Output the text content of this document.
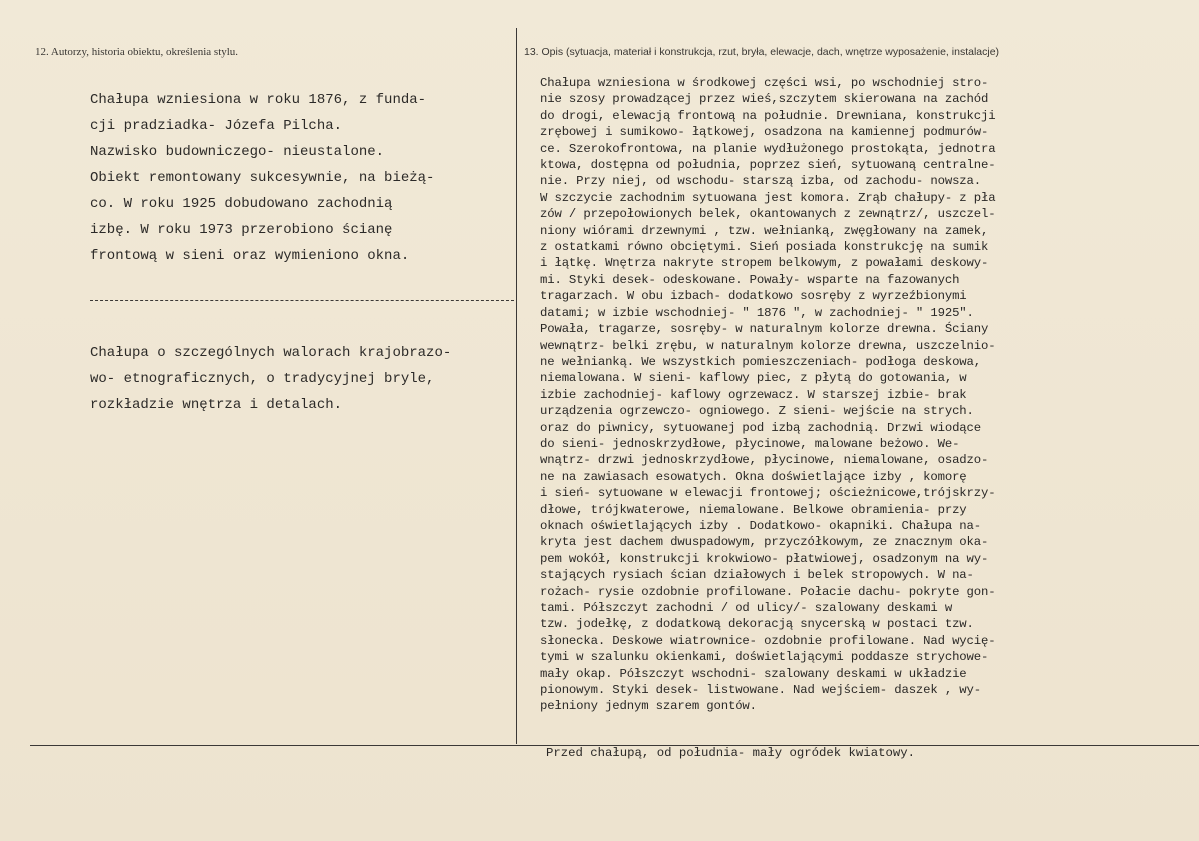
12. Autorzy, historia obiektu, określenia stylu.	13. Opis (sytuacja, materiał i konstrukcja, rzut, bryła, elewacje, dach, wnętrze wyposażenie, instalacje)
Chałupa wzniesiona w roku 1876, z funda-
cji pradziadka- Józefa Pilcha.
Nazwisko budowniczego- nieustalone.
Obiekt remontowany sukcesywnie, na bieżą-
co. W roku 1925 dobudowano zachodnią
izbę. W roku 1973 przerobiono ścianę
frontową w sieni oraz wymieniono okna.
Chałupa o szczególnych walorach krajobrazo-
wo- etnograficznych, o tradycyjnej bryle,
rozkładzie wnętrza i detalach.
Chałupa wzniesiona w środkowej części wsi, po wschodniej stro-
nie szosy prowadzącej przez wieś,szczytem skierowana na zachód
do drogi, elewacją frontową na południe. Drewniana, konstrukcji
zrębowej i sumikowo- łątkowej, osadzona na kamiennej podmurów-
ce. Szerokofrontowa, na planie wydłużonego prostokąta, jednotra
ktowa, dostępna od południa, poprzez sień, sytuowaną centralne-
nie. Przy niej, od wschodu- starszą izba, od zachodu- nowsza.
W szczycie zachodnim sytuowana jest komora. Zrąb chałupy- z pła
zów / przepołowionych belek, okantowanych z zewnątrz/, uszczel-
niony wiórami drzewnymi , tzw. wełnianką, zwęgłowany na zamek,
z ostatkami równo obciętymi. Sień posiada konstrukcję na sumik
i łątkę. Wnętrza nakryte stropem belkowym, z powałami deskowy-
mi. Styki desek- odeskowane. Powały- wsparte na fazowanych
tragarzach. W obu izbach- dodatkowo sosręby z wyrzeźbionymi
datami; w izbie wschodniej- " 1876 ", w zachodniej- " 1925".
Powała, tragarze, sosręby- w naturalnym kolorze drewna. Ściany
wewnątrz- belki zrębu, w naturalnym kolorze drewna, uszczelnio-
ne wełnianką. We wszystkich pomieszczeniach- podłoga deskowa,
niemalowana. W sieni- kaflowy piec, z płytą do gotowania, w
izbie zachodniej- kaflowy ogrzewacz. W starszej izbie- brak
urządzenia ogrzewczo- ogniowego. Z sieni- wejście na strych.
oraz do piwnicy, sytuowanej pod izbą zachodnią. Drzwi wiodące
do sieni- jednoskrzydłowe, płycinowe, malowane beżowo. We-
wnątrz- drzwi jednoskrzydłowe, płycinowe, niemalowane, osadzo-
ne na zawiasach esowatych. Okna doświetlające izby , komorę
i sień- sytuowane w elewacji frontowej; ościeżnicowe,trójskrzy-
dłowe, trójkwaterowe, niemalowane. Belkowe obramienia- przy
oknach oświetlających izby . Dodatkowo- okapniki. Chałupa na-
kryta jest dachem dwuspadowym, przyczółkowym, ze znacznym oka-
pem wokół, konstrukcji krokwiowo- płatwiowej, osadzonym na wy-
stających rysiach ścian działowych i belek stropowych. W na-
rożach- rysie ozdobnie profilowane. Połacie dachu- pokryte gon-
tami. Półszczyt zachodni / od ulicy/- szalowany deskami w
tzw. jodełkę, z dodatkową dekoracją snycerską w postaci tzw.
słonecka. Deskowe wiatrownice- ozdobnie profilowane. Nad wycię-
tymi w szalunku okienkami, doświetlającymi poddasze strychowe-
mały okap. Półszczyt wschodni- szalowany deskami w układzie
pionowym. Styki desek- listwowane. Nad wejściem- daszek , wy-
pełniony jednym szarem gontów.
Przed chałupą, od południa- mały ogródek kwiatowy.
